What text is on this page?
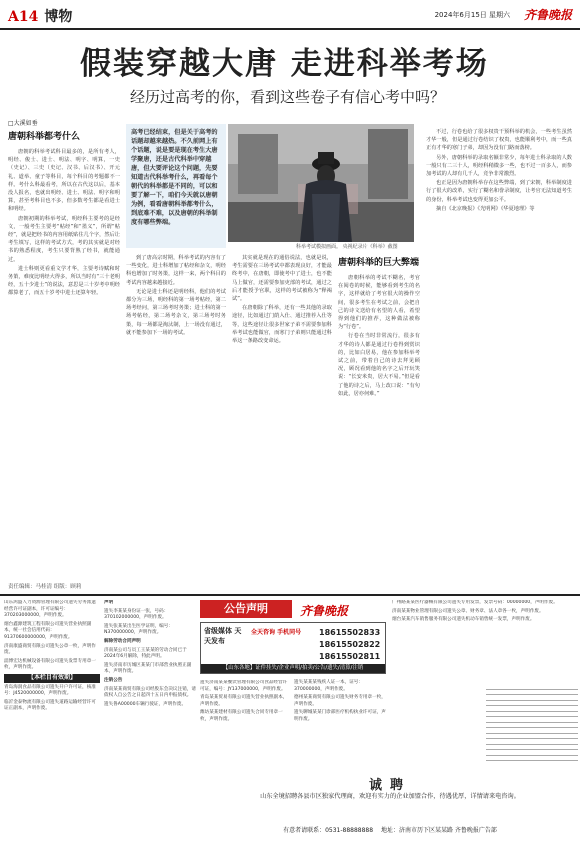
A14 博物	2024年6月15日 星期六 齐鲁晚报
假装穿越大唐 走进科举考场
经历过高考的你，看到这些卷子有信心考中吗？
□大溪如垂
高考已经结束，但是关于高考的话题却越来越热。不久前网上有个话题，说是要是现在考生大唐学聚唐，还是古代科举中穿越唐，但大要评论这个问题，先要知道古代科举考什么，再看每个朝代的科举都是不同的，可以和要了解一下，咱们今天就以唐朝为例，看看唐朝科举都考什么，到底难不难，以及唐朝的科举制度有哪些弊端。
科举考试模拟画面。 央视纪录片《科举》截图
唐朝科举都考什么

唐朝的科举考试科目最多的，是所有考人，明经、俊士、进士、明法、明字、明算，一史（史记）、三史（史记、汉书、后汉书）、开元礼、道举、童子等科目，每个科目的考题都不一样。考什么科最看考，所以在古代这以后，基本没人报名，也就出明经、进士、明法、明字和明算，甚至考科目也不多，但多数考生都是看进士和明经。

唐朝初期的科举考试，明经科主要考的是经文，一般考生主要考“帖经”和“墨义”，所谓“帖经”，就是把经书的内容用纸贴住几个字，然后让考生填写，这样的考试方式，考的其实就是对经书的熟悉程度，考生只要背熟了经书，就能通过。

进士科则更看重文学才华，主要考诗赋和时务策，难度比明经大得多，所以当时有“三十老明经，五十少进士”的说法，意思是三十岁考中明经都算老了，而五十岁考中进士还算年轻。

到了唐高宗时期，科举考试的内容有了一些变化，进士科增加了帖经和杂文，明经科也增加了时务策，这样一来，两个科目的考试内容越来越接近。

无论是进士科还是明经科，他们的考试都分为三场，明经科的第一场考帖经，第二场考经问，第三场考时务策；进士科的第一场考帖经，第二场考杂文，第三场考时务策，每一场都是淘汰制，上一场没有通过，就不能参加下一场的考试。

其实就是现在的通俗说法，也就是说，考生需要在三场考试中都表现良好，才能最终考中，在唐朝，即使考中了进士，也不能马上做官，还需要参加吏部的考试，通过之后才能授予官职，这样的考试被称为“释褐试”。

在唐朝除了科举，还有一些其他的录取途径，比如通过门荫入仕、通过推荐入仕等等，这些途径让很多世家子弟不需要参加科举考试也能做官，而寒门子弟则只能通过科举这一条路改变命运。

唐朝科举的巨大弊端

唐朝科举的考试不糊名，考官在阅卷的时候，能够看到考生的名字，这样就给了考官很大的操作空间，很多考生在考试之前，会把自己的诗文送给有名望的人看，希望得到他们的推荐，这种做法被称为“行卷”。

行卷在当时非常流行，很多有才华的诗人都是通过行卷得到赏识的，比如白居易，他在参加科举考试之前，带着自己的诗去拜见顾况，顾况看到他的名字之后开玩笑说：“长安米贵，居大不易。”但是看了他的诗之后，马上改口说：“有句如此，居亦何难。”

不过，行卷也给了很多权贵干预科举的机会，一些考生虽然才华一般，但是通过行卷结识了权贵，也能顺利考中，而一些真正有才华的寒门子弟，却因为没有门路而落榜。

另外，唐朝科举的录取名额非常少，每年进士科录取的人数一般只有二三十人，明经科稍微多一些，也不过一百多人，而参加考试的人却有几千人，竞争非常激烈。

也正是因为唐朝科举存在这些弊端，到了宋朝，科举制度进行了很大的改革，实行了糊名和誊录制度，让考官无法知道考生的身份，科举考试也变得更加公平。

摘自《北京晚报》《光明网》《华夏地理》等

责任编辑：马桂清 组版：顾莉

山东鸿盛人力资源管理有限公司遗失劳务派遣经营许可证副本，许可证编号：370203000000，声明作废。

烟台鑫源建筑工程有限公司遗失营业执照副本，统一社会信用代码：91370600000000，声明作废。

济南康盛商贸有限公司遗失公章一枚，声明作废。

淄博宏达机械设备有限公司遗失发票专用章一枚，声明作废。

【本栏目有效期】

青岛海润食品有限公司遗失开户许可证，核准号：J4520000000，声明作废。

临沂金泰物流有限公司遗失道路运输经营许可证正副本，声明作废。

声明

遗失李某某身份证一张，号码：370102000000，声明作废。

遗失张某某出生医学证明，编号：N370000000，声明作废。

解除劳动合同声明

济南某公司与员工王某某的劳动合同已于2024年6月解除，特此声明。

遗失济南市历城区某某门市部营业执照正副本，声明作废。

注销公告

济南某某商贸有限公司经股东会决议注销，请债权人自公告之日起四十五日内申报债权。

遗失鲁A00000车辆行驶证，声明作废。

公告声明	齐鲁晚报
省级媒体 天天发布
全天咨询 手机同号 18615502833
18615502822
18615502811
【山东各地】证件挂失/企业声明/拍卖/公告/遗失/清算/注销

遗失济南某某餐饮管理有限公司食品经营许可证，编号：JY137000000，声明作废。

青岛某某贸易有限公司遗失营业执照副本，声明作废。

潍坊某某建材有限公司遗失合同专用章一枚，声明作废。

遗失某某某残疾人证一本，证号：370000000，声明作废。

德州某某商贸有限公司遗失财务专用章一枚，声明作废。

遗失聊城某某门诊部医疗机构执业许可证，声明作废。

广州路某某医疗器械有限公司遗失专用发票，发票号码：00000000，声明作废。

济南某某物业管理有限公司遗失公章、财务章、法人章各一枚，声明作废。

烟台某某汽车销售服务有限公司遗失机动车销售统一发票，声明作废。

诚聘
山东全境招聘各县市区独家代理商，欢迎有实力的企业加盟合作，待遇优厚，详情请来电咨询。
有意者请联系：0531-88888888 　地址：济南市历下区某某路 齐鲁晚报广告部
